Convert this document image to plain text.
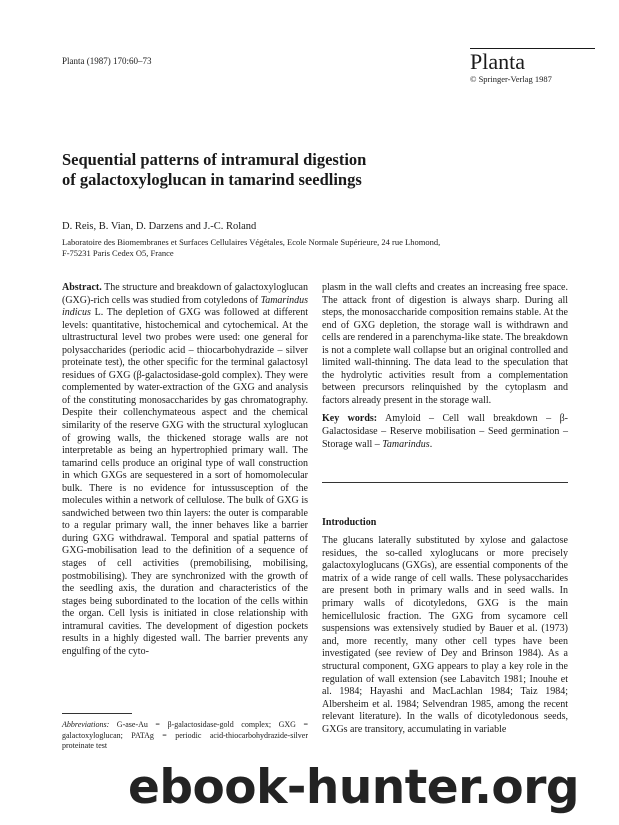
Planta (1987) 170:60–73	Planta
© Springer-Verlag 1987
Sequential patterns of intramural digestion
of galactoxyloglucan in tamarind seedlings
D. Reis, B. Vian, D. Darzens and J.-C. Roland
Laboratoire des Biomembranes et Surfaces Cellulaires Végétales, Ecole Normale Supérieure, 24 rue Lhomond,
F-75231 Paris Cedex O5, France
Abstract. The structure and breakdown of galactoxyloglucan (GXG)-rich cells was studied from cotyledons of Tamarindus indicus L. The depletion of GXG was followed at different levels: quantitative, histochemical and cytochemical. At the ultrastructural level two probes were used: one general for polysaccharides (periodic acid – thiocarbohydrazide – silver proteinate test), the other specific for the terminal galactosyl residues of GXG (β-galactosidase-gold complex). They were complemented by water-extraction of the GXG and analysis of the constituting monosaccharides by gas chromatography. Despite their collenchymateous aspect and the chemical similarity of the reserve GXG with the structural xyloglucan of growing walls, the thickened storage walls are not interpretable as being an hypertrophied primary wall. The tamarind cells produce an original type of wall construction in which GXGs are sequestered in a sort of homomolecular bulk. There is no evidence for intussusception of the molecules within a network of cellulose. The bulk of GXG is sandwiched between two thin layers: the outer is comparable to a regular primary wall, the inner behaves like a barrier during GXG withdrawal. Temporal and spatial patterns of GXG-mobilisation lead to the definition of a sequence of stages of cell activities (premobilising, mobilising, postmobilising). They are synchronized with the growth of the seedling axis, the duration and characteristics of the stages being subordinated to the location of the cells within the organ. Cell lysis is initiated in close relationship with intramural cavities. The development of digestion pockets results in a highly digested wall. The barrier prevents any engulfing of the cyto-
plasm in the wall clefts and creates an increasing free space. The attack front of digestion is always sharp. During all steps, the monosaccharide composition remains stable. At the end of GXG depletion, the storage wall is withdrawn and cells are rendered in a parenchyma-like state. The breakdown is not a complete wall collapse but an original controlled and limited wall-thinning. The data lead to the speculation that the hydrolytic activities result from a complementation between precursors relinquished by the cytoplasm and factors already present in the storage wall.
Key words: Amyloid – Cell wall breakdown – β-Galactosidase – Reserve mobilisation – Seed germination – Storage wall – Tamarindus.
Introduction
The glucans laterally substituted by xylose and galactose residues, the so-called xyloglucans or more precisely galactoxyloglucans (GXGs), are essential components of the matrix of a wide range of cell walls. These polysaccharides are present both in primary walls and in seed walls. In primary walls of dicotyledons, GXG is the main hemicellulosic fraction. The GXG from sycamore cell suspensions was extensively studied by Bauer et al. (1973) and, more recently, many other cell types have been investigated (see review of Dey and Brinson 1984). As a structural component, GXG appears to play a key role in the regulation of wall extension (see Labavitch 1981; Inouhe et al. 1984; Hayashi and MacLachlan 1984; Taiz 1984; Albersheim et al. 1984; Selvendran 1985, among the recent relevant literature). In the walls of dicotyledonous seeds, GXGs are transitory, accumulating in variable
Abbreviations: G-ase-Au = β-galactosidase-gold complex; GXG = galactoxyloglucan; PATAg = periodic acid-thiocarbohydrazide-silver proteinate test
ebook-hunter.org
